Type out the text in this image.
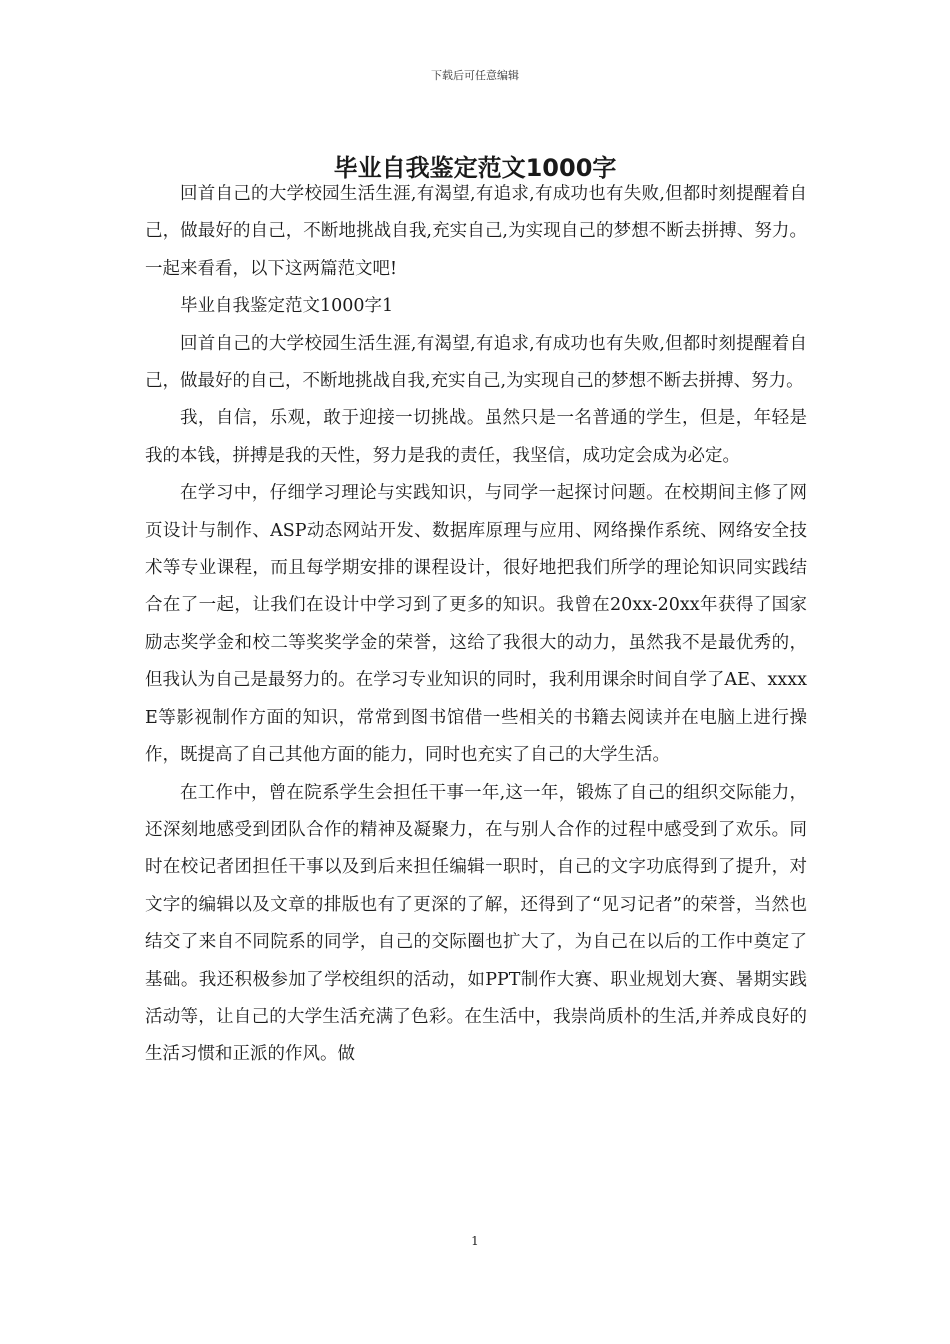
下载后可任意编辑
毕业自我鉴定范文1000字

回首自己的大学校园生活生涯,有渴望,有追求,有成功也有失败,但都时刻提醒着自己，做最好的自己，不断地挑战自我,充实自己,为实现自己的梦想不断去拼搏、努力。一起来看看，以下这两篇范文吧!

毕业自我鉴定范文1000字1

回首自己的大学校园生活生涯,有渴望,有追求,有成功也有失败,但都时刻提醒着自己，做最好的自己，不断地挑战自我,充实自己,为实现自己的梦想不断去拼搏、努力。

我，自信，乐观，敢于迎接一切挑战。虽然只是一名普通的学生，但是，年轻是我的本钱，拼搏是我的天性，努力是我的责任，我坚信，成功定会成为必定。

在学习中，仔细学习理论与实践知识，与同学一起探讨问题。在校期间主修了网页设计与制作、ASP动态网站开发、数据库原理与应用、网络操作系统、网络安全技术等专业课程，而且每学期安排的课程设计，很好地把我们所学的理论知识同实践结合在了一起，让我们在设计中学习到了更多的知识。我曾在20xx-20xx年获得了国家励志奖学金和校二等奖奖学金的荣誉，这给了我很大的动力，虽然我不是最优秀的，但我认为自己是最努力的。在学习专业知识的同时，我利用课余时间自学了AE、xxxxE等影视制作方面的知识，常常到图书馆借一些相关的书籍去阅读并在电脑上进行操作，既提高了自己其他方面的能力，同时也充实了自己的大学生活。

在工作中，曾在院系学生会担任干事一年,这一年，锻炼了自己的组织交际能力，还深刻地感受到团队合作的精神及凝聚力，在与别人合作的过程中感受到了欢乐。同时在校记者团担任干事以及到后来担任编辑一职时，自己的文字功底得到了提升，对文字的编辑以及文章的排版也有了更深的了解，还得到了“见习记者”的荣誉，当然也结交了来自不同院系的同学，自己的交际圈也扩大了，为自己在以后的工作中奠定了基础。我还积极参加了学校组织的活动，如PPT制作大赛、职业规划大赛、暑期实践活动等，让自己的大学生活充满了色彩。在生活中，我崇尚质朴的生活,并养成良好的生活习惯和正派的作风。做

1
